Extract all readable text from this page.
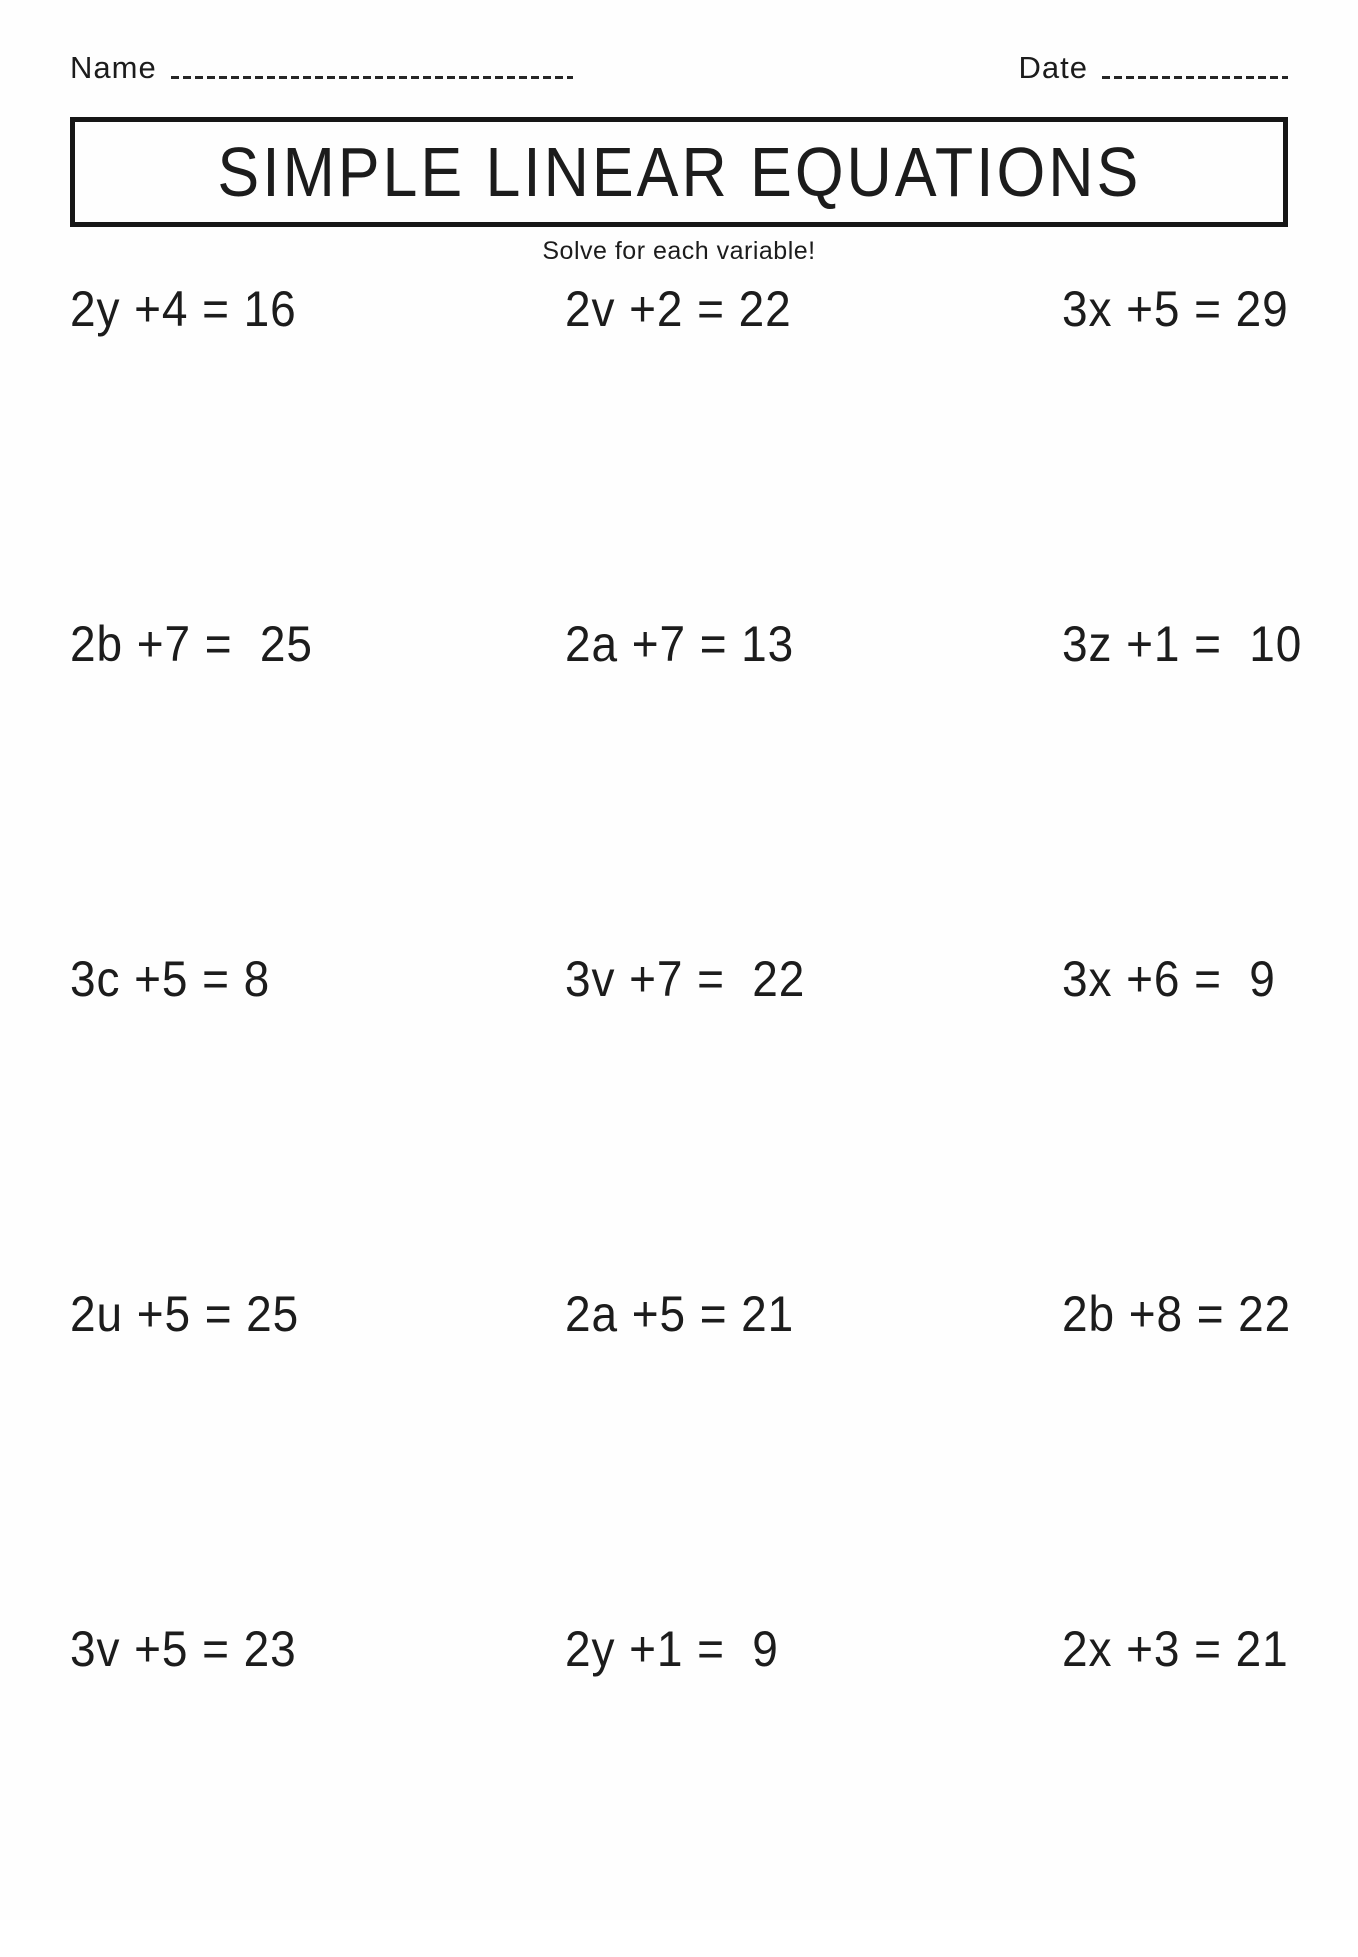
Name	Date
SIMPLE LINEAR EQUATIONS
Solve for each variable!
2y +4 = 16	2v +2 = 22	3x +5 = 29
2b +7 =  25	2a +7 = 13	3z +1 =  10
3c +5 = 8	3v +7 =  22	3x +6 =  9
2u +5 = 25	2a +5 = 21	2b +8 = 22
3v +5 = 23	2y +1 =  9	2x +3 = 21
